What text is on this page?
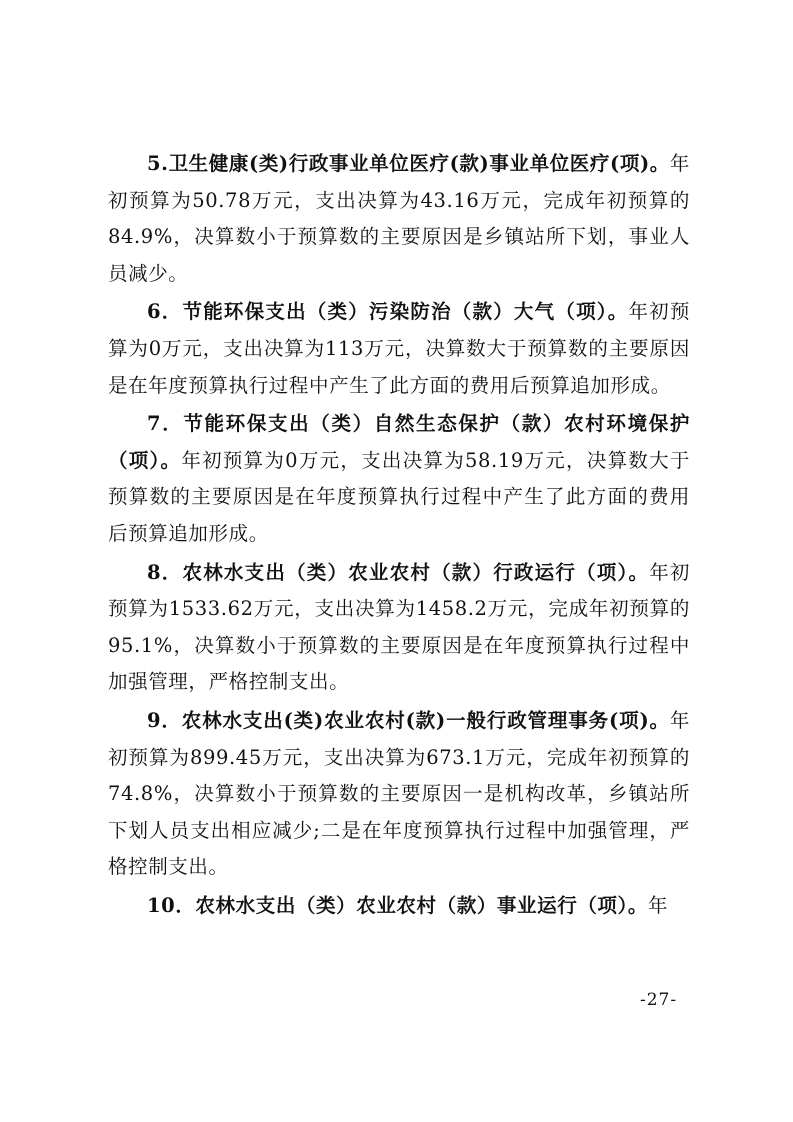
5.卫生健康(类)行政事业单位医疗(款)事业单位医疗(项)。年初预算为50.78万元，支出决算为43.16万元，完成年初预算的84.9%，决算数小于预算数的主要原因是乡镇站所下划，事业人员减少。

6．节能环保支出（类）污染防治（款）大气（项）。年初预算为0万元，支出决算为113万元，决算数大于预算数的主要原因是在年度预算执行过程中产生了此方面的费用后预算追加形成。

7．节能环保支出（类）自然生态保护（款）农村环境保护（项）。年初预算为0万元，支出决算为58.19万元，决算数大于预算数的主要原因是在年度预算执行过程中产生了此方面的费用后预算追加形成。

8．农林水支出（类）农业农村（款）行政运行（项）。年初预算为1533.62万元，支出决算为1458.2万元，完成年初预算的95.1%，决算数小于预算数的主要原因是在年度预算执行过程中加强管理，严格控制支出。

9．农林水支出(类)农业农村(款)一般行政管理事务(项)。年初预算为899.45万元，支出决算为673.1万元，完成年初预算的74.8%，决算数小于预算数的主要原因一是机构改革，乡镇站所下划人员支出相应减少;二是在年度预算执行过程中加强管理，严格控制支出。

10．农林水支出（类）农业农村（款）事业运行（项）。年

-27-
